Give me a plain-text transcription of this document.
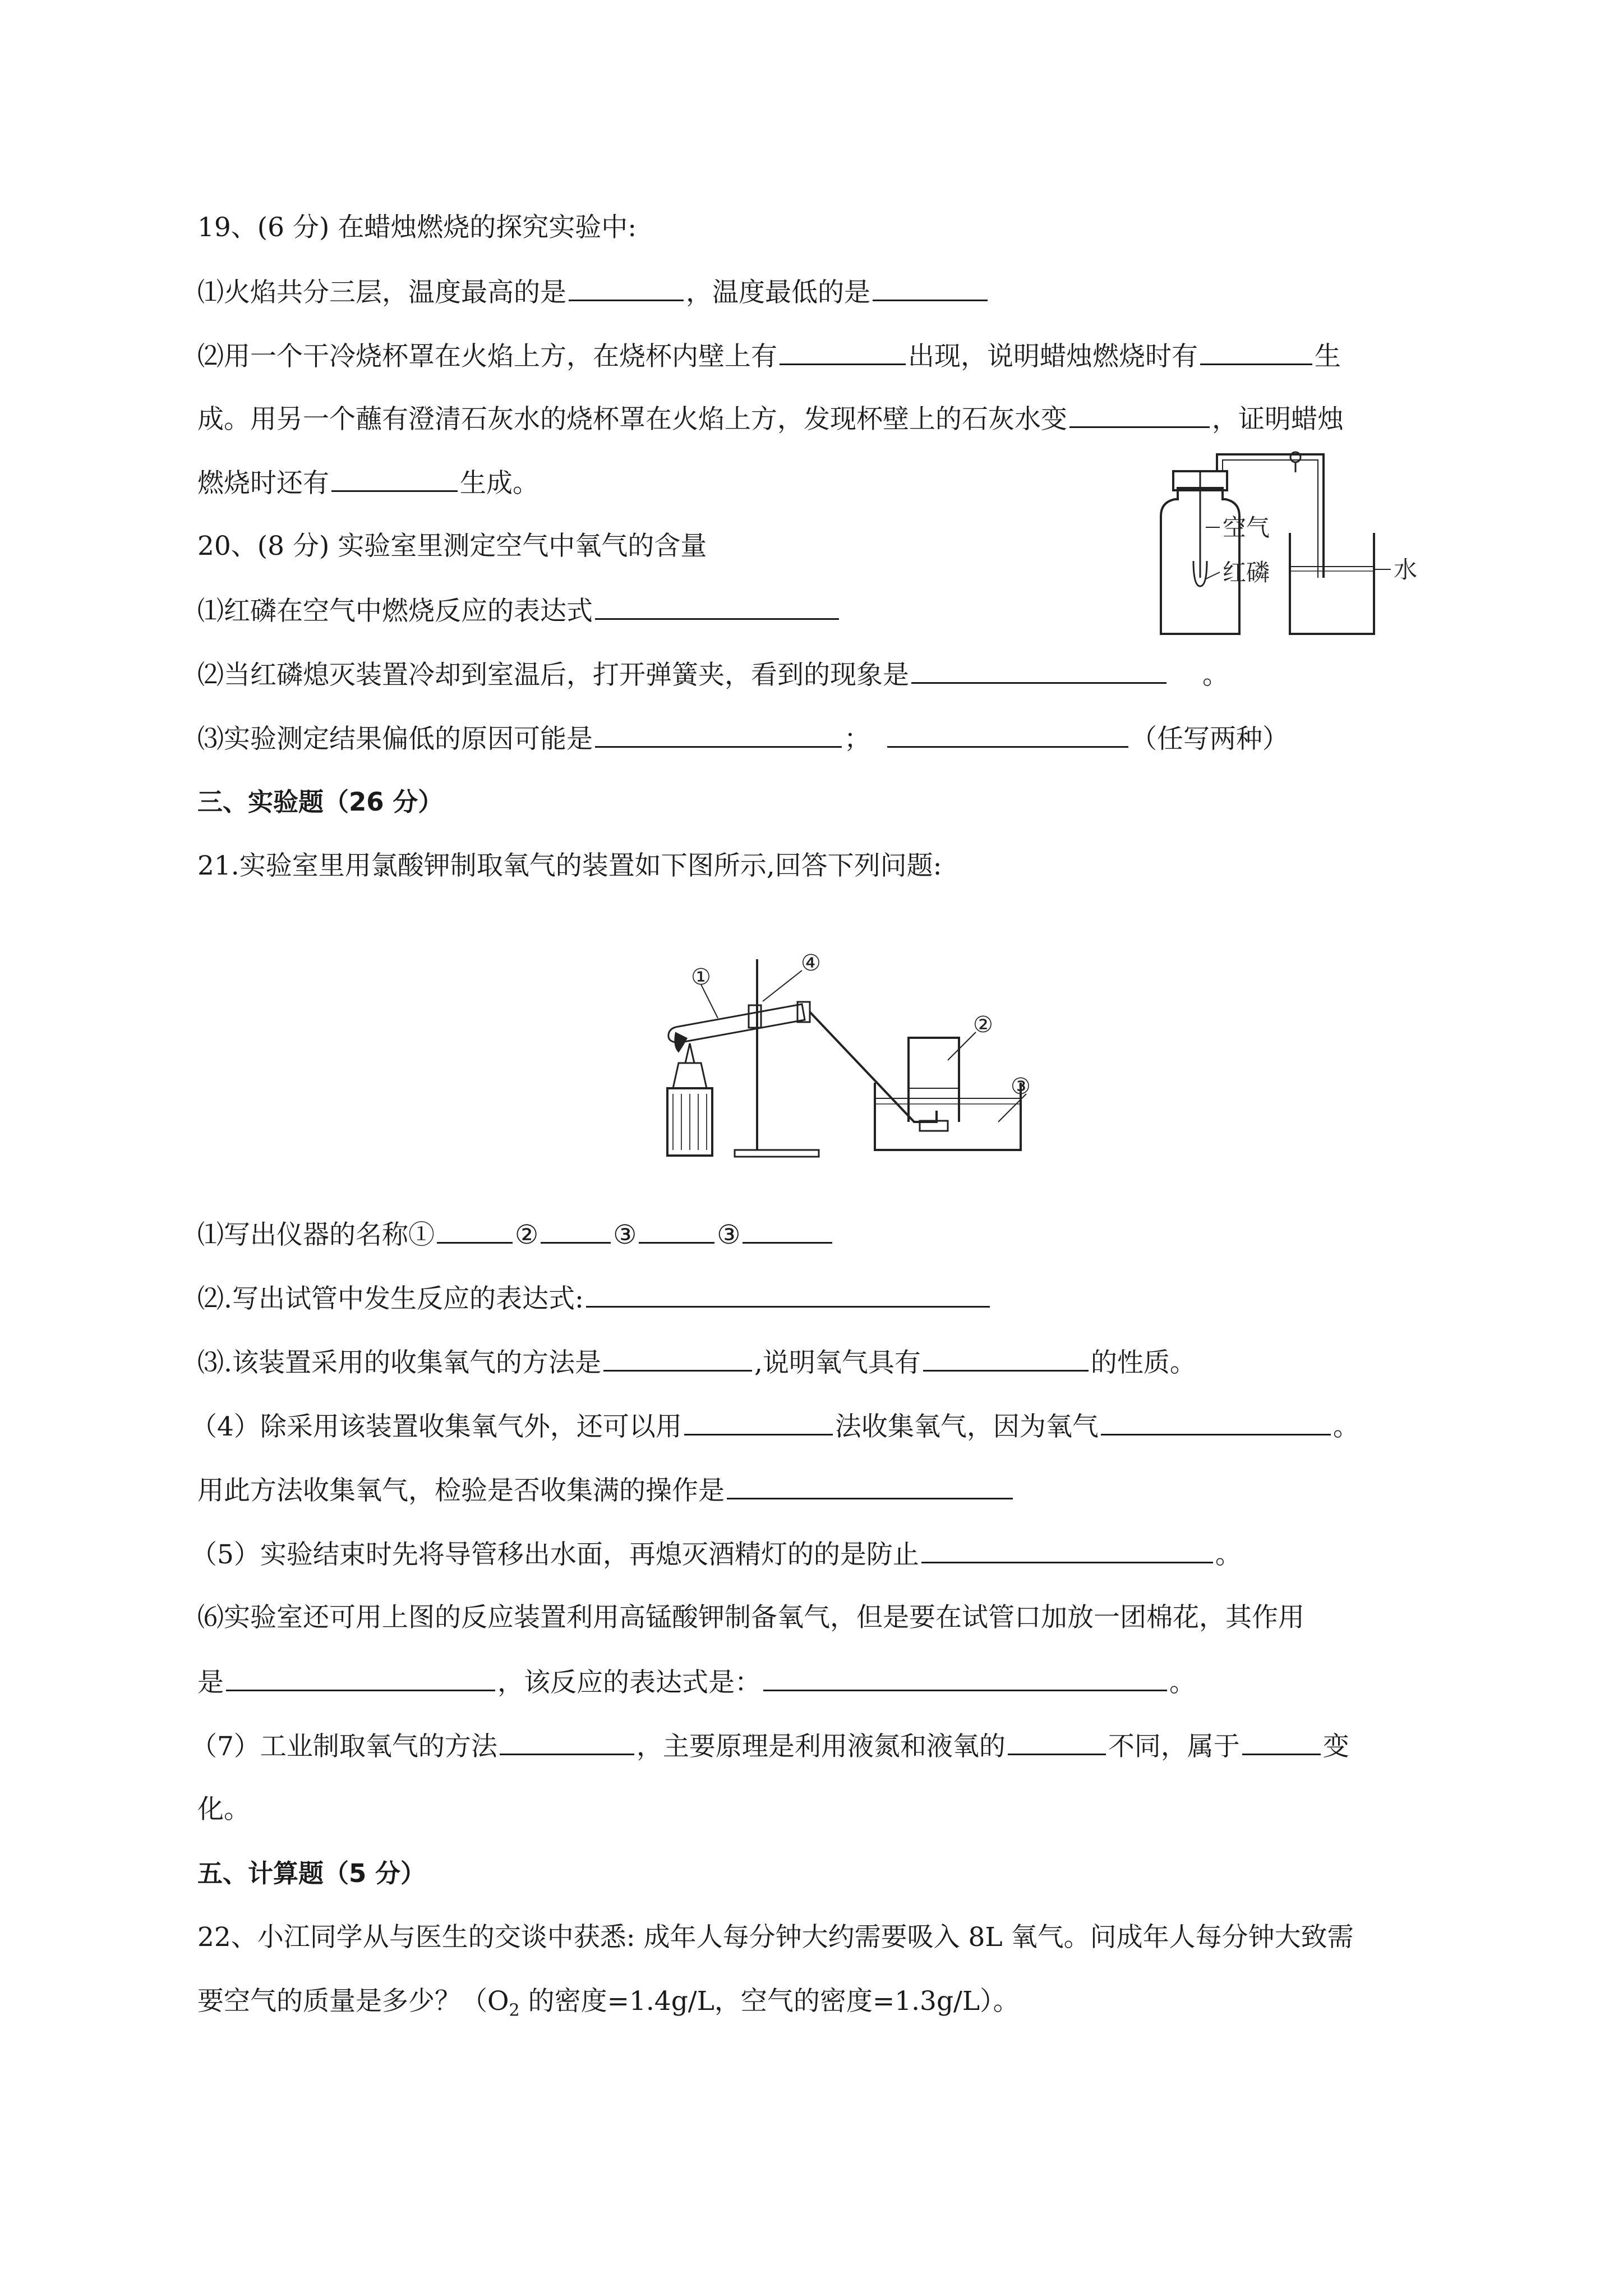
19、(6 分) 在蜡烛燃烧的探究实验中:
⑴火焰共分三层，温度最高的是	，温度最低的是
⑵用一个干冷烧杯罩在火焰上方，在烧杯内壁上有	出现，说明蜡烛燃烧时有	生
成。用另一个蘸有澄清石灰水的烧杯罩在火焰上方，发现杯壁上的石灰水变	，证明蜡烛
燃烧时还有	生成。
20、(8 分) 实验室里测定空气中氧气的含量
⑴红磷在空气中燃烧反应的表达式
⑵当红磷熄灭装置冷却到室温后，打开弹簧夹，看到的现象是	。
⑶实验测定结果偏低的原因可能是	；	（任写两种）
空气
红磷	水
三、实验题（26 分）
21.实验室里用氯酸钾制取氧气的装置如下图所示,回答下列问题:
①
④
②
③
⑴写出仪器的名称①	②	③	③
⑵.写出试管中发生反应的表达式:
⑶.该装置采用的收集氧气的方法是	,说明氧气具有	的性质。
（4）除采用该装置收集氧气外，还可以用	法收集氧气，因为氧气	。
用此方法收集氧气，检验是否收集满的操作是
（5）实验结束时先将导管移出水面，再熄灭酒精灯的的是防止	。
⑹实验室还可用上图的反应装置利用高锰酸钾制备氧气，但是要在试管口加放一团棉花，其作用
是	，该反应的表达式是：	。
（7）工业制取氧气的方法	，主要原理是利用液氮和液氧的	不同，属于	变
化。
五、计算题（5 分）
22、小江同学从与医生的交谈中获悉: 成年人每分钟大约需要吸入 8L 氧气。问成年人每分钟大致需
要空气的质量是多少？（$O_2$ 的密度=1.4g/L，空气的密度=1.3g/L）。
